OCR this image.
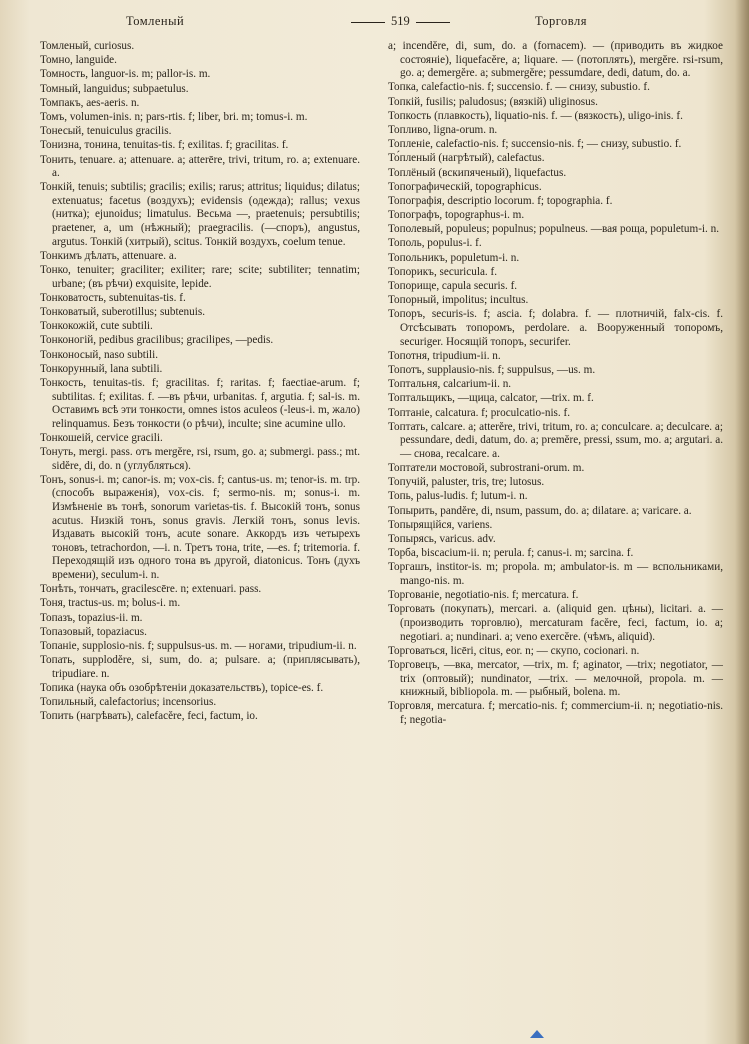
Томленый	519	Торговля
Томленый, curiosus.
Томно, languide.
Томность, languor-is. m; pallor-is. m.
Томный, languidus; subpaetulus.
Томпакъ, aes-aeris. n.
Томъ, volumen-inis. n; pars-rtis. f; liber, bri. m; tomus-i. m.
Тонесый, tenuiculus gracilis.
Тонизна, тонина, tenuitas-tis. f; exilitas. f; gracilitas. f.
Тонить, tenuare. a; attenuare. a; atterēre, trivi, tritum, ro. a; extenuare. a.
Тонкій, tenuis; subtilis; gracilis; exilis; rarus; attritus; liquidus; dilatus; extenuatus; facetus (воздухъ); evidensis (одежда); rallus; vexus (нитка); ejunoidus; limatulus. Весьма —, praetenuis; persubtilis; praetener, a, um (нѣжный); praegracilis. (—споръ), angustus, argutus. Тонкій (хитрый), scitus. Тонкій воздухъ, coelum tenue.
Тонкимъ дѣлать, attenuare. a.
Тонко, tenuiter; graciliter; exiliter; rare; scite; subtiliter; tennatim; urbane; (въ рѣчи) exquisite, lepide.
Тонковатость, subtenuitas-tis. f.
Тонковатый, suberotillus; subtenuis.
Тонкокожій, cute subtili.
Тонконогій, pedibus gracilibus; gracilipes, —pedis.
Тонконосый, naso subtili.
Тонкорунный, lana subtili.
Тонкость, tenuitas-tis. f; gracilitas. f; raritas. f; faectiae-arum. f; subtilitas. f; exilitas. f. —въ рѣчи, urbanitas. f, argutia. f; sal-is. m. Оставимъ всѣ эти тонкости, omnes istos aculeos (-leus-i. m, жало) relinquamus. Безъ тонкости (о рѣчи), inculte; sine acumine ullo.
Тонкошеій, cervice gracili.
Тонуть, mergi. pass. отъ mergĕre, rsi, rsum, go. a; submergi. pass.; mt. sidĕre, di, do. n (углубляться).
Тонъ, sonus-i. m; canor-is. m; vox-cis. f; cantus-us. m; tenor-is. m. trp. (способъ выраженія), vox-cis. f; sermo-nis. m; sonus-i. m. Измѣненіе въ тонѣ, sonorum varietas-tis. f. Высокій тонъ, sonus acutus. Низкій тонъ, sonus gravis. Легкій тонъ, sonus levis. Издавать высокій тонъ, acute sonare. Аккордъ изъ четырехъ тоновъ, tetrachordon, —i. n. Третъ тона, trite, —es. f; tritemoria. f. Переходящій изъ одного тона въ другой, diatonicus. Тонъ (духъ времени), seculum-i. n.
Тонѣть, тончать, gracilescēre. n; extenuari. pass.
Тоня, tractus-us. m; bolus-i. m.
Топазъ, topazius-ii. m.
Топазовый, topaziacus.
Топаніе, supplosio-nis. f; suppulsus-us. m. — ногами, tripudium-ii. n.
Топать, supplodĕre, si, sum, do. a; pulsare. a; (приплясывать), tripudiare. n.
Топика (наука объ озобрѣтеніи доказательствъ), topice-es. f.
Топильный, calefactorius; incensorius.
Топить (нагрѣвать), calefacĕre, feci, factum, io.
a; incendĕre, di, sum, do. a (fornacem). — (приводить въ жидкое состояніе), liquefacĕre, a; liquare. — (потоплять), mergĕre. rsi-rsum, go. a; demergĕre. a; submergĕre; pessumdare, dedi, datum, do. a.
Топка, calefactio-nis. f; succensio. f. — снизу, subustio. f.
Топкій, fusilis; paludosus; (вязкій) uliginosus.
Топкость (плавкость), liquatio-nis. f. — (вязкость), uligo-inis. f.
Топливо, ligna-orum. n.
Топленіе, calefactio-nis. f; succensio-nis. f; — снизу, subustio. f.
То́пленый (нагрѣтый), calefactus.
Топлёный (вскипяченый), liquefactus.
Топографическій, topographicus.
Топографія, descriptio locorum. f; topographia. f.
Топографъ, topographus-i. m.
Тополевый, populeus; populnus; populneus. —вая роща, populetum-i. n.
Тополь, populus-i. f.
Топольникъ, populetum-i. n.
Топорикъ, securicula. f.
Топорище, capula securis. f.
Топорный, impolitus; incultus.
Топоръ, securis-is. f; ascia. f; dolabra. f. — плотничій, falx-cis. f. Отсѣсывать топоромъ, perdolare. a. Вооруженный топоромъ, securiger. Носящій топоръ, securifer.
Топотня, tripudium-ii. n.
Топотъ, supplausio-nis. f; suppulsus, —us. m.
Топтальня, calcarium-ii. n.
Топтальщикъ, —щица, calcator, —trix. m. f.
Топтаніе, calcatura. f; proculcatio-nis. f.
Топтать, calcare. a; atterĕre, trivi, tritum, ro. a; conculcare. a; deculcare. a; pessundare, dedi, datum, do. a; premĕre, pressi, ssum, mo. a; argutari. a. — снова, recalcare. a.
Топтатели мостовой, subrostrani-orum. m.
Топучій, paluster, tris, tre; lutosus.
Топь, palus-ludis. f; lutum-i. n.
Топырить, pandĕre, di, nsum, passum, do. a; dilatare. a; varicare. a.
Топырящійся, variens.
Топырясь, varicus. adv.
Торба, biscacium-ii. n; perula. f; canus-i. m; sarcina. f.
Торгашъ, institor-is. m; propola. m; ambulator-is. m — вспольниками, mango-nis. m.
Торгованіе, negotiatio-nis. f; mercatura. f.
Торговать (покупать), mercari. a. (aliquid gen. цѣны), licitari. a. — (производить торговлю), mercaturam facĕre, feci, factum, io. a; negotiari. a; nundinari. a; veno exercĕre. (чѣмъ, aliquid).
Торговаться, licēri, citus, eor. n; — скупо, cocionari. n.
Торговецъ, —вка, mercator, —trix, m. f; aginator, —trix; negotiator, —trix (оптовый); nundinator, —trix. — мелочной, propola. m. — книжный, bibliopola. m. — рыбный, bolena. m.
Торговля, mercatura. f; mercatio-nis. f; commercium-ii. n; negotiatio-nis. f; negotia-
